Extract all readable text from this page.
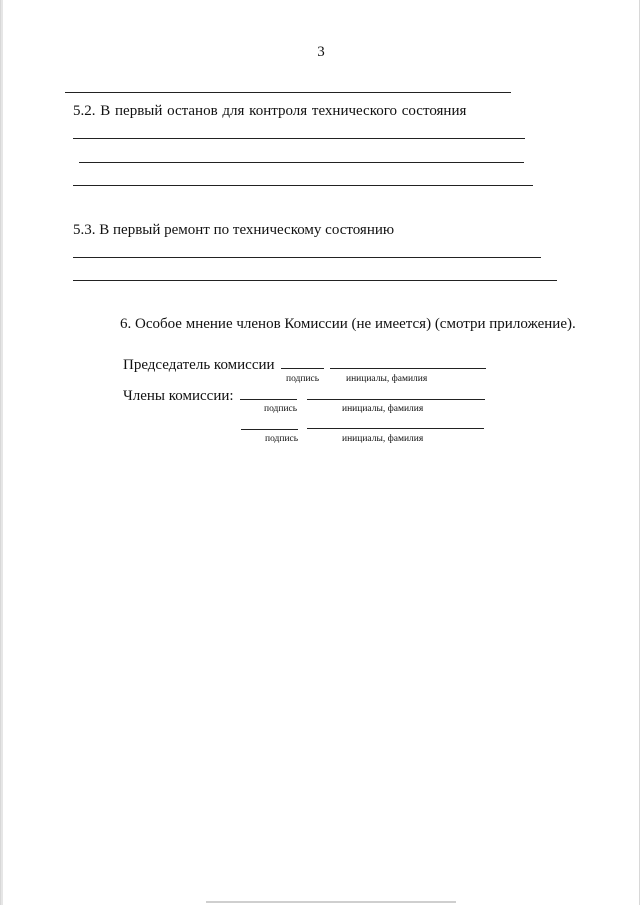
3
5.2. В первый останов для контроля технического состояния
5.3. В первый ремонт по техническому состоянию
6. Особое мнение членов Комиссии (не имеется) (смотри приложение).
Председатель комиссии
подпись	инициалы, фамилия
Члены комиссии:
подпись	инициалы, фамилия
подпись	инициалы, фамилия
